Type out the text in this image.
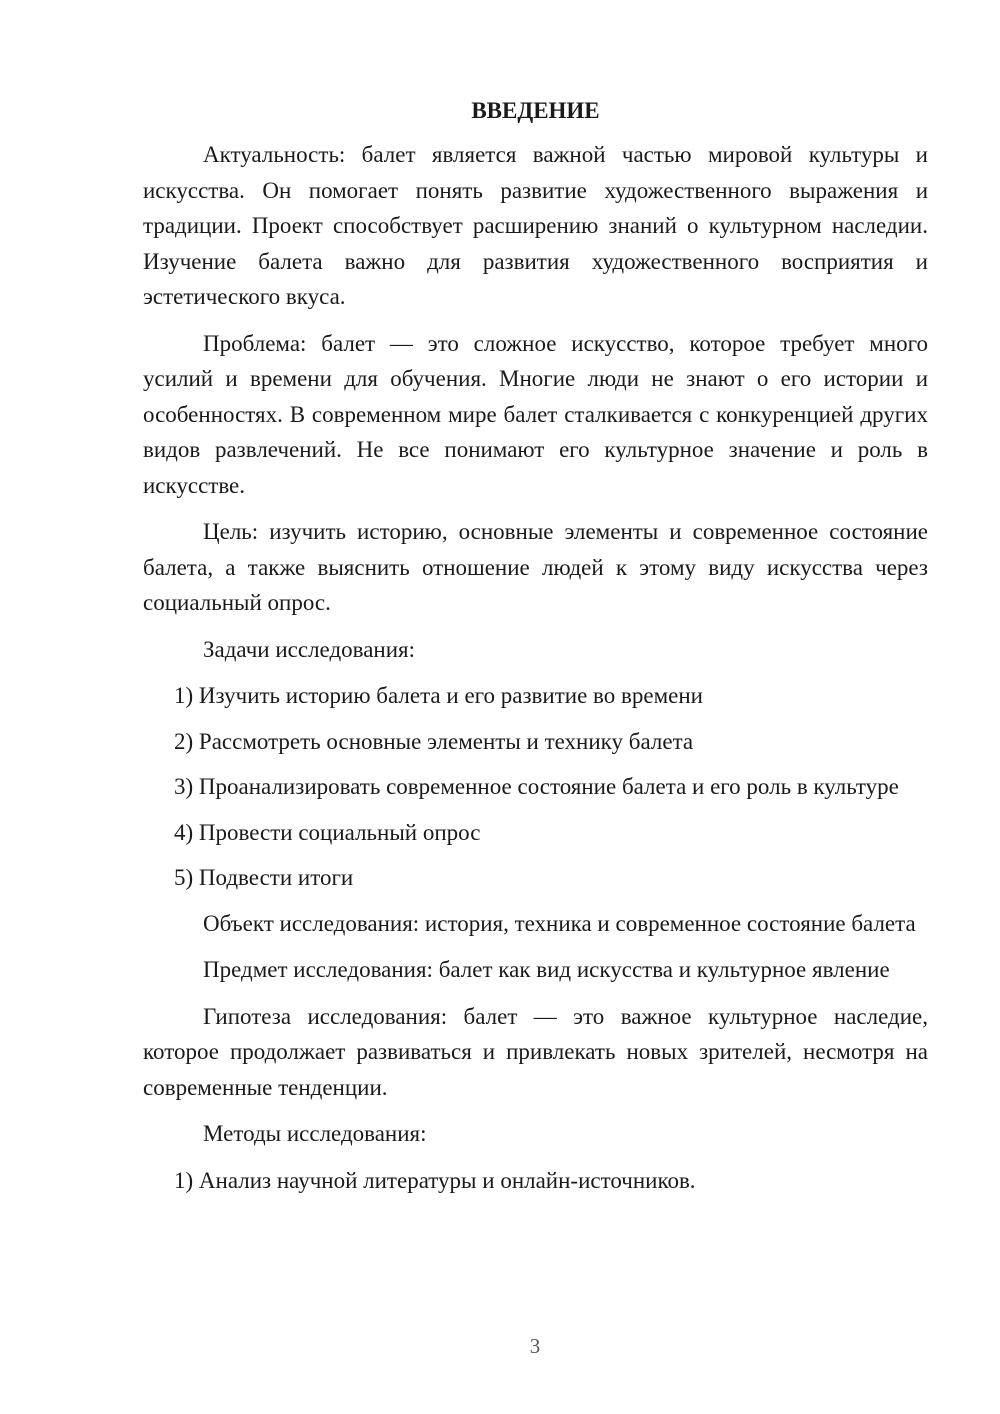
ВВЕДЕНИЕ

Актуальность: балет является важной частью мировой культуры и искусства. Он помогает понять развитие художественного выражения и традиции. Проект способствует расширению знаний о культурном наследии. Изучение балета важно для развития художественного восприятия и эстетического вкуса.

Проблема: балет — это сложное искусство, которое требует много усилий и времени для обучения. Многие люди не знают о его истории и особенностях. В современном мире балет сталкивается с конкуренцией других видов развлечений. Не все понимают его культурное значение и роль в искусстве.

Цель: изучить историю, основные элементы и современное состояние балета, а также выяснить отношение людей к этому виду искусства через социальный опрос.

Задачи исследования:

1) Изучить историю балета и его развитие во времени

2) Рассмотреть основные элементы и технику балета

3) Проанализировать современное состояние балета и его роль в культуре

4) Провести социальный опрос

5) Подвести итоги

Объект исследования: история, техника и современное состояние балета

Предмет исследования: балет как вид искусства и культурное явление

Гипотеза исследования: балет — это важное культурное наследие, которое продолжает развиваться и привлекать новых зрителей, несмотря на современные тенденции.

Методы исследования:

1) Анализ научной литературы и онлайн-источников.

3
